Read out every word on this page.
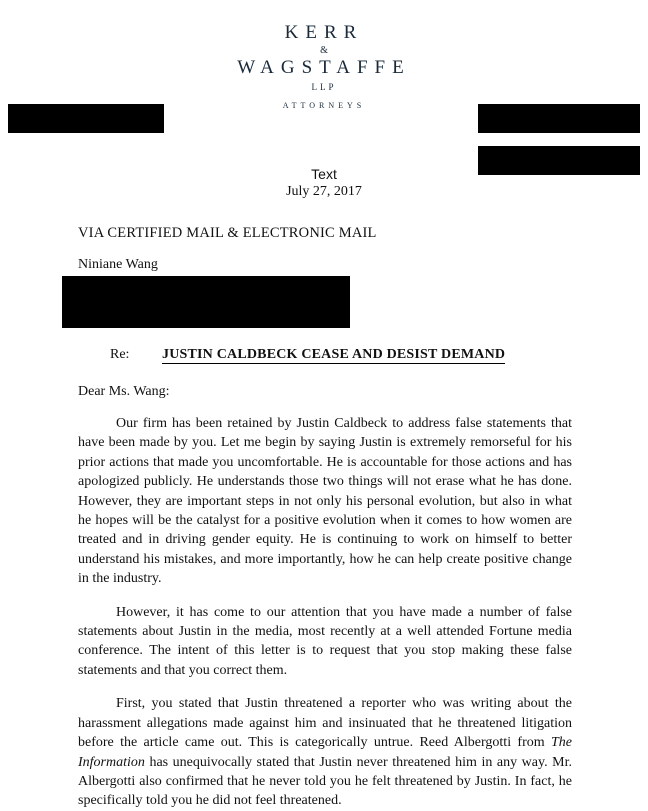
KERR
&
WAGSTAFFE
LLP
ATTORNEYS
Text
July 27, 2017
VIA CERTIFIED MAIL & ELECTRONIC MAIL
Niniane Wang
Re: JUSTIN CALDBECK CEASE AND DESIST DEMAND
Dear Ms. Wang:

Our firm has been retained by Justin Caldbeck to address false statements that have been made by you. Let me begin by saying Justin is extremely remorseful for his prior actions that made you uncomfortable. He is accountable for those actions and has apologized publicly. He understands those two things will not erase what he has done. However, they are important steps in not only his personal evolution, but also in what he hopes will be the catalyst for a positive evolution when it comes to how women are treated and in driving gender equity. He is continuing to work on himself to better understand his mistakes, and more importantly, how he can help create positive change in the industry.

However, it has come to our attention that you have made a number of false statements about Justin in the media, most recently at a well attended Fortune media conference. The intent of this letter is to request that you stop making these false statements and that you correct them.

First, you stated that Justin threatened a reporter who was writing about the harassment allegations made against him and insinuated that he threatened litigation before the article came out. This is categorically untrue. Reed Albergotti from The Information has unequivocally stated that Justin never threatened him in any way. Mr. Albergotti also confirmed that he never told you he felt threatened by Justin. In fact, he specifically told you he did not feel threatened.
